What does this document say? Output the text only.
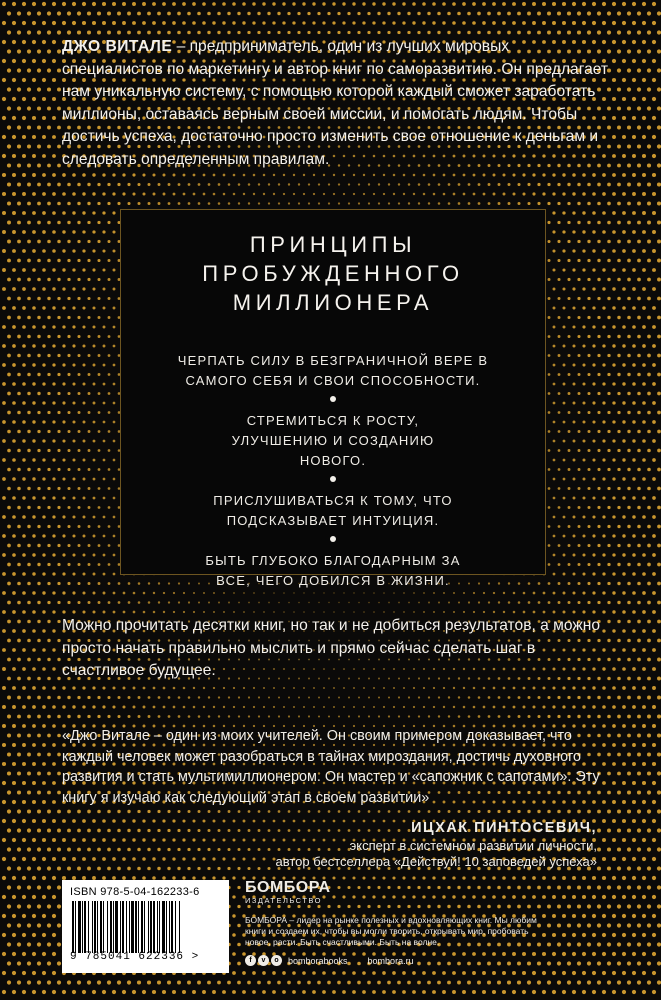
ДЖО ВИТАЛЕ – предприниматель, один из лучших мировых специалистов по маркетингу и автор книг по саморазвитию. Он предлагает нам уникальную систему, с помощью которой каждый сможет заработать миллионы, оставаясь верным своей миссии, и помогать людям. Чтобы достичь успеха, достаточно просто изменить свое отношение к деньгам и следовать определенным правилам.
ПРИНЦИПЫ
ПРОБУЖДЕННОГО
МИЛЛИОНЕРА
ЧЕРПАТЬ СИЛУ В БЕЗГРАНИЧНОЙ ВЕРЕ В САМОГО СЕБЯ И СВОИ СПОСОБНОСТИ.
СТРЕМИТЬСЯ К РОСТУ, УЛУЧШЕНИЮ И СОЗДАНИЮ НОВОГО.
ПРИСЛУШИВАТЬСЯ К ТОМУ, ЧТО ПОДСКАЗЫВАЕТ ИНТУИЦИЯ.
БЫТЬ ГЛУБОКО БЛАГОДАРНЫМ ЗА ВСЕ, ЧЕГО ДОБИЛСЯ В ЖИЗНИ.
Можно прочитать десятки книг, но так и не добиться результатов, а можно просто начать правильно мыслить и прямо сейчас сделать шаг в счастливое будущее.
«Джо Витале – один из моих учителей. Он своим примером доказывает, что каждый человек может разобраться в тайнах мироздания, достичь духовного развития и стать мультимиллионером. Он мастер и «сапожник с сапогами». Эту книгу я изучаю как следующий этап в своем развитии»
ИЦХАК ПИНТОСЕВИЧ,
эксперт в системном развитии личности,
автор бестселлера «Действуй! 10 заповедей успеха»
ISBN 978-5-04-162233-6
9 785041 622336 >
БОМБОРА
ИЗДАТЕЛЬСТВО
БОМБОРА – лидер на рынке полезных и вдохновляющих книг. Мы любим книги и создаем их, чтобы вы могли творить, открывать мир, пробовать новое, расти. Быть счастливыми. Быть на волне.
f	v	o	bomborabooks bombora.ru
